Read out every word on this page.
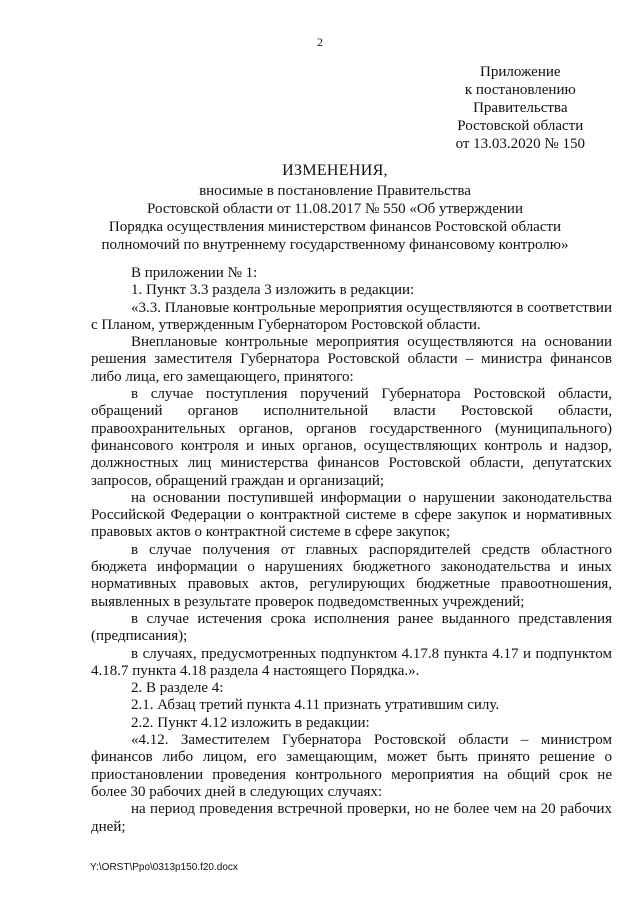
2
Приложение
к постановлению
Правительства
Ростовской области
от 13.03.2020 № 150
ИЗМЕНЕНИЯ,
вносимые в постановление Правительства
Ростовской области от 11.08.2017 № 550 «Об утверждении
Порядка осуществления министерством финансов Ростовской области
полномочий по внутреннему государственному финансовому контролю»

В приложении № 1:

1. Пункт 3.3 раздела 3 изложить в редакции:

«3.3. Плановые контрольные мероприятия осуществляются в соответствии с Планом, утвержденным Губернатором Ростовской области.

Внеплановые контрольные мероприятия осуществляются на основании решения заместителя Губернатора Ростовской области – министра финансов либо лица, его замещающего, принятого:

в случае поступления поручений Губернатора Ростовской области, обращений органов исполнительной власти Ростовской области, правоохранительных органов, органов государственного (муниципального) финансового контроля и иных органов, осуществляющих контроль и надзор, должностных лиц министерства финансов Ростовской области, депутатских запросов, обращений граждан и организаций;

на основании поступившей информации о нарушении законодательства Российской Федерации о контрактной системе в сфере закупок и нормативных правовых актов о контрактной системе в сфере закупок;

в случае получения от главных распорядителей средств областного бюджета информации о нарушениях бюджетного законодательства и иных нормативных правовых актов, регулирующих бюджетные правоотношения, выявленных в результате проверок подведомственных учреждений;

в случае истечения срока исполнения ранее выданного представления (предписания);

в случаях, предусмотренных подпунктом 4.17.8 пункта 4.17 и подпунктом 4.18.7 пункта 4.18 раздела 4 настоящего Порядка.».

2. В разделе 4:

2.1. Абзац третий пункта 4.11 признать утратившим силу.

2.2. Пункт 4.12 изложить в редакции:

«4.12. Заместителем Губернатора Ростовской области – министром финансов либо лицом, его замещающим, может быть принято решение о приостановлении проведения контрольного мероприятия на общий срок не более 30 рабочих дней в следующих случаях:

на период проведения встречной проверки, но не более чем на 20 рабочих дней;

Y:\ORST\Ppo\0313p150.f20.docx
